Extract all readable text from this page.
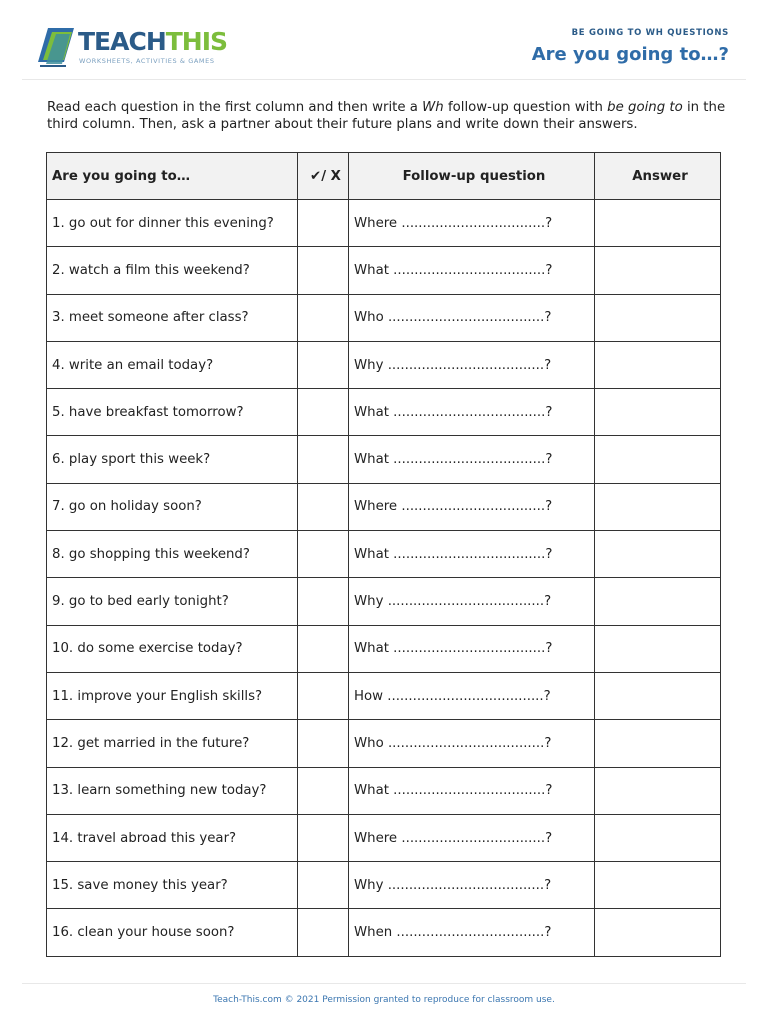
TEACHTHIS
WORKSHEETS, ACTIVITIES & GAMES
BE GOING TO WH QUESTIONS
Are you going to…?
Read each question in the first column and then write a Wh follow-up question with be going to in the third column. Then, ask a partner about their future plans and write down their answers.
Are you going to…	✔/ X	Follow-up question	Answer
1. go out for dinner this evening?		Where ..................................?	
2. watch a film this weekend?		What ....................................?	
3. meet someone after class?		Who .....................................?	
4. write an email today?		Why .....................................?	
5. have breakfast tomorrow?		What ....................................?	
6. play sport this week?		What ....................................?	
7. go on holiday soon?		Where ..................................?	
8. go shopping this weekend?		What ....................................?	
9. go to bed early tonight?		Why .....................................?	
10. do some exercise today?		What ....................................?	
11. improve your English skills?		How .....................................?	
12. get married in the future?		Who .....................................?	
13. learn something new today?		What ....................................?	
14. travel abroad this year?		Where ..................................?	
15. save money this year?		Why .....................................?	
16. clean your house soon?		When ...................................?	
Teach-This.com © 2021 Permission granted to reproduce for classroom use.
